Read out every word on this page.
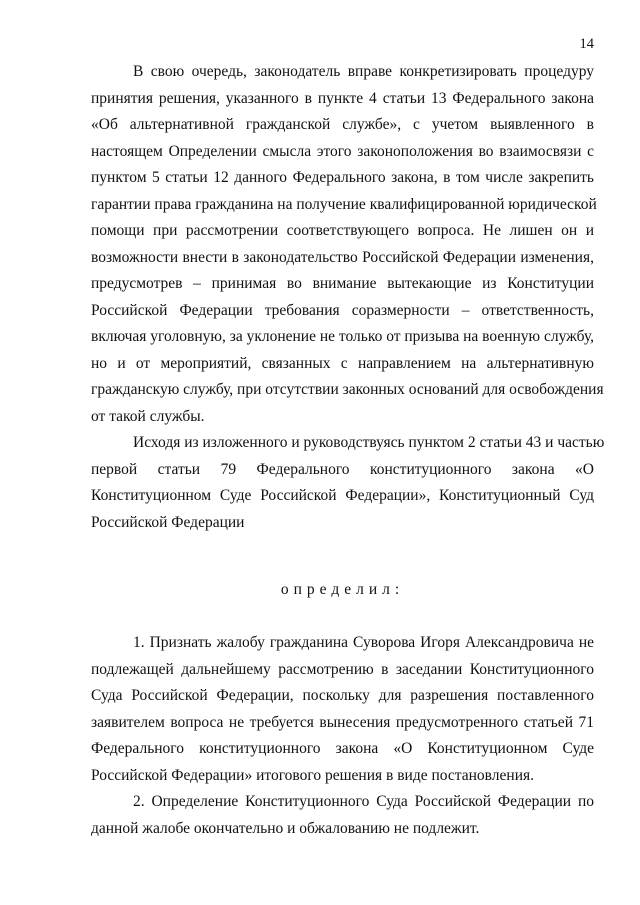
14
В свою очередь, законодатель вправе конкретизировать процедуру
принятия решения, указанного в пункте 4 статьи 13 Федерального закона
«Об альтернативной гражданской службе», с учетом выявленного в
настоящем Определении смысла этого законоположения во взаимосвязи с
пунктом 5 статьи 12 данного Федерального закона, в том числе закрепить
гарантии права гражданина на получение квалифицированной юридической
помощи при рассмотрении соответствующего вопроса. Не лишен он и
возможности внести в законодательство Российской Федерации изменения,
предусмотрев – принимая во внимание вытекающие из Конституции
Российской Федерации требования соразмерности – ответственность,
включая уголовную, за уклонение не только от призыва на военную службу,
но и от мероприятий, связанных с направлением на альтернативную
гражданскую службу, при отсутствии законных оснований для освобождения
от такой службы.
Исходя из изложенного и руководствуясь пунктом 2 статьи 43 и частью
первой статьи 79 Федерального конституционного закона «О
Конституционном Суде Российской Федерации», Конституционный Суд
Российской Федерации

определил:

1. Признать жалобу гражданина Суворова Игоря Александровича не
подлежащей дальнейшему рассмотрению в заседании Конституционного
Суда Российской Федерации, поскольку для разрешения поставленного
заявителем вопроса не требуется вынесения предусмотренного статьей 71
Федерального конституционного закона «О Конституционном Суде
Российской Федерации» итогового решения в виде постановления.
2. Определение Конституционного Суда Российской Федерации по
данной жалобе окончательно и обжалованию не подлежит.
